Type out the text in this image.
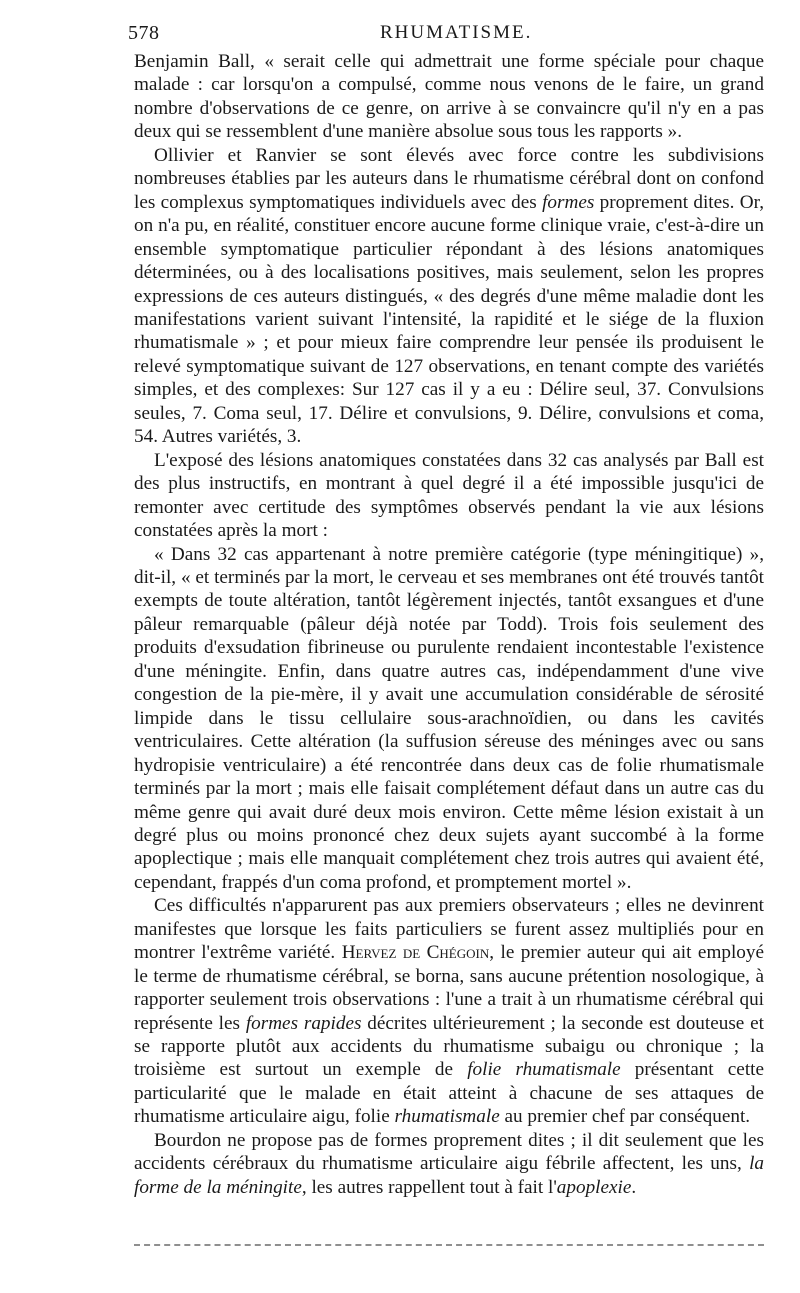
578	RHUMATISME.

Benjamin Ball, « serait celle qui admettrait une forme spéciale pour chaque malade : car lorsqu'on a compulsé, comme nous venons de le faire, un grand nombre d'observations de ce genre, on arrive à se convaincre qu'il n'y en a pas deux qui se ressemblent d'une manière absolue sous tous les rapports ».

Ollivier et Ranvier se sont élevés avec force contre les subdivisions nombreuses établies par les auteurs dans le rhumatisme cérébral dont on confond les complexus symptomatiques individuels avec des formes proprement dites. Or, on n'a pu, en réalité, constituer encore aucune forme clinique vraie, c'est-à-dire un ensemble symptomatique particulier répondant à des lésions anatomiques déterminées, ou à des localisations positives, mais seulement, selon les propres expressions de ces auteurs distingués, « des degrés d'une même maladie dont les manifestations varient suivant l'intensité, la rapidité et le siége de la fluxion rhumatismale » ; et pour mieux faire comprendre leur pensée ils produisent le relevé symptomatique suivant de 127 observations, en tenant compte des variétés simples, et des complexes: Sur 127 cas il y a eu : Délire seul, 37. Convulsions seules, 7. Coma seul, 17. Délire et convulsions, 9. Délire, convulsions et coma, 54. Autres variétés, 3.

L'exposé des lésions anatomiques constatées dans 32 cas analysés par Ball est des plus instructifs, en montrant à quel degré il a été impossible jusqu'ici de remonter avec certitude des symptômes observés pendant la vie aux lésions constatées après la mort :

« Dans 32 cas appartenant à notre première catégorie (type méningitique) », dit-il, « et terminés par la mort, le cerveau et ses membranes ont été trouvés tantôt exempts de toute altération, tantôt légèrement injectés, tantôt exsangues et d'une pâleur remarquable (pâleur déjà notée par Todd). Trois fois seulement des produits d'exsudation fibrineuse ou purulente rendaient incontestable l'existence d'une méningite. Enfin, dans quatre autres cas, indépendamment d'une vive congestion de la pie-mère, il y avait une accumulation considérable de sérosité limpide dans le tissu cellulaire sous-arachnoïdien, ou dans les cavités ventriculaires. Cette altération (la suffusion séreuse des méninges avec ou sans hydropisie ventriculaire) a été rencontrée dans deux cas de folie rhumatismale terminés par la mort ; mais elle faisait complétement défaut dans un autre cas du même genre qui avait duré deux mois environ. Cette même lésion existait à un degré plus ou moins prononcé chez deux sujets ayant succombé à la forme apoplectique ; mais elle manquait complétement chez trois autres qui avaient été, cependant, frappés d'un coma profond, et promptement mortel ».

Ces difficultés n'apparurent pas aux premiers observateurs ; elles ne devinrent manifestes que lorsque les faits particuliers se furent assez multipliés pour en montrer l'extrême variété. Hervez de Chégoin, le premier auteur qui ait employé le terme de rhumatisme cérébral, se borna, sans aucune prétention nosologique, à rapporter seulement trois observations : l'une a trait à un rhumatisme cérébral qui représente les formes rapides décrites ultérieurement ; la seconde est douteuse et se rapporte plutôt aux accidents du rhumatisme subaigu ou chronique ; la troisième est surtout un exemple de folie rhumatismale présentant cette particularité que le malade en était atteint à chacune de ses attaques de rhumatisme articulaire aigu, folie rhumatismale au premier chef par conséquent.

Bourdon ne propose pas de formes proprement dites ; il dit seulement que les accidents cérébraux du rhumatisme articulaire aigu fébrile affectent, les uns, la forme de la méningite, les autres rappellent tout à fait l'apoplexie.
